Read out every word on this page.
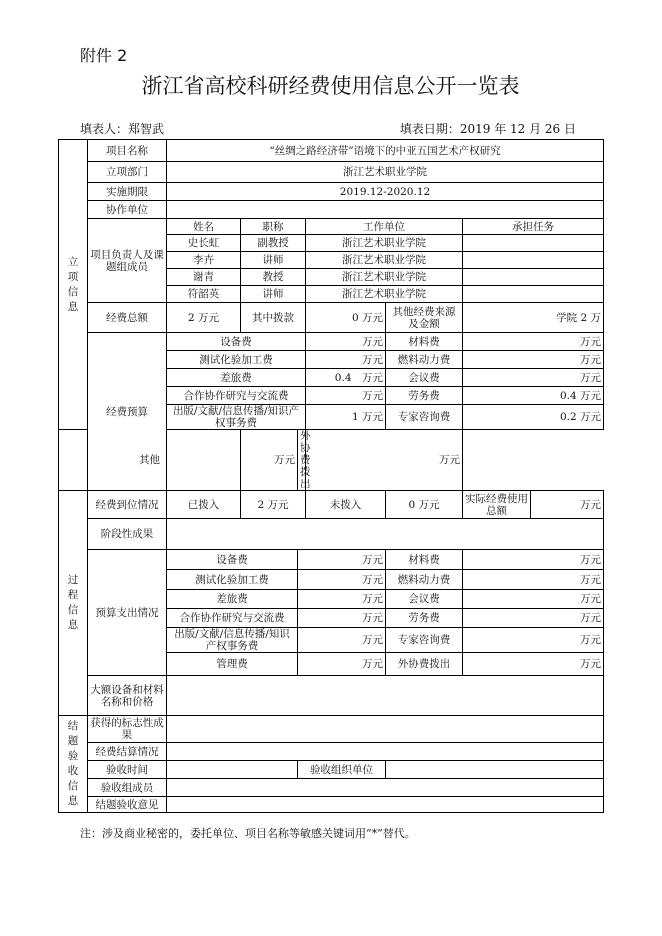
附件 2
浙江省高校科研经费使用信息公开一览表
填表人：郑智武	填表日期：2019 年 12 月 26 日
立项信息	项目名称	“丝绸之路经济带”语境下的中亚五国艺术产权研究						
	立项部门	浙江艺术职业学院						
	实施期限	2019.12-2020.12						
	协作单位							
	项目负责人及课题组成员	姓名	职称		工作单位		承担任务	
		史长虹	副教授		浙江艺术职业学院			
		李卉	讲师		浙江艺术职业学院			
		谢青	教授		浙江艺术职业学院			
		符韶英	讲师		浙江艺术职业学院			
	经费总额	2 万元	其中拨款		0 万元	其他经费来源及金额	学院 2 万	
	经费预算	设备费			万元	材料费	万元	
		测试化验加工费			万元	燃料动力费	万元	
		差旅费			0.4　万元	会议费	万元	
		合作协作研究与交流费			万元	劳务费	0.4 万元	
		出版/文献/信息传播/知识产权事务费			1 万元	专家咨询费	0.2 万元	
其他			万元	外协费拨出	万元			
过程信息	经费到位情况	已拨入	2 万元		未拨入	0 万元	实际经费使用总额	万元
	阶段性成果							
	预算支出情况	设备费		万元		材料费	万元	
		测试化验加工费		万元		燃料动力费	万元	
		差旅费		万元		会议费	万元	
		合作协作研究与交流费		万元		劳务费	万元	
		出版/文献/信息传播/知识产权事务费		万元		专家咨询费	万元	
		管理费		万元		外协费拨出	万元	
	大额设备和材料名称和价格							
结题验收信息	获得的标志性成果							
	经费结算情况							
	验收时间			验收组织单位				
	验收组成员							
	结题验收意见							
注：涉及商业秘密的，委托单位、项目名称等敏感关键词用“*”替代。
